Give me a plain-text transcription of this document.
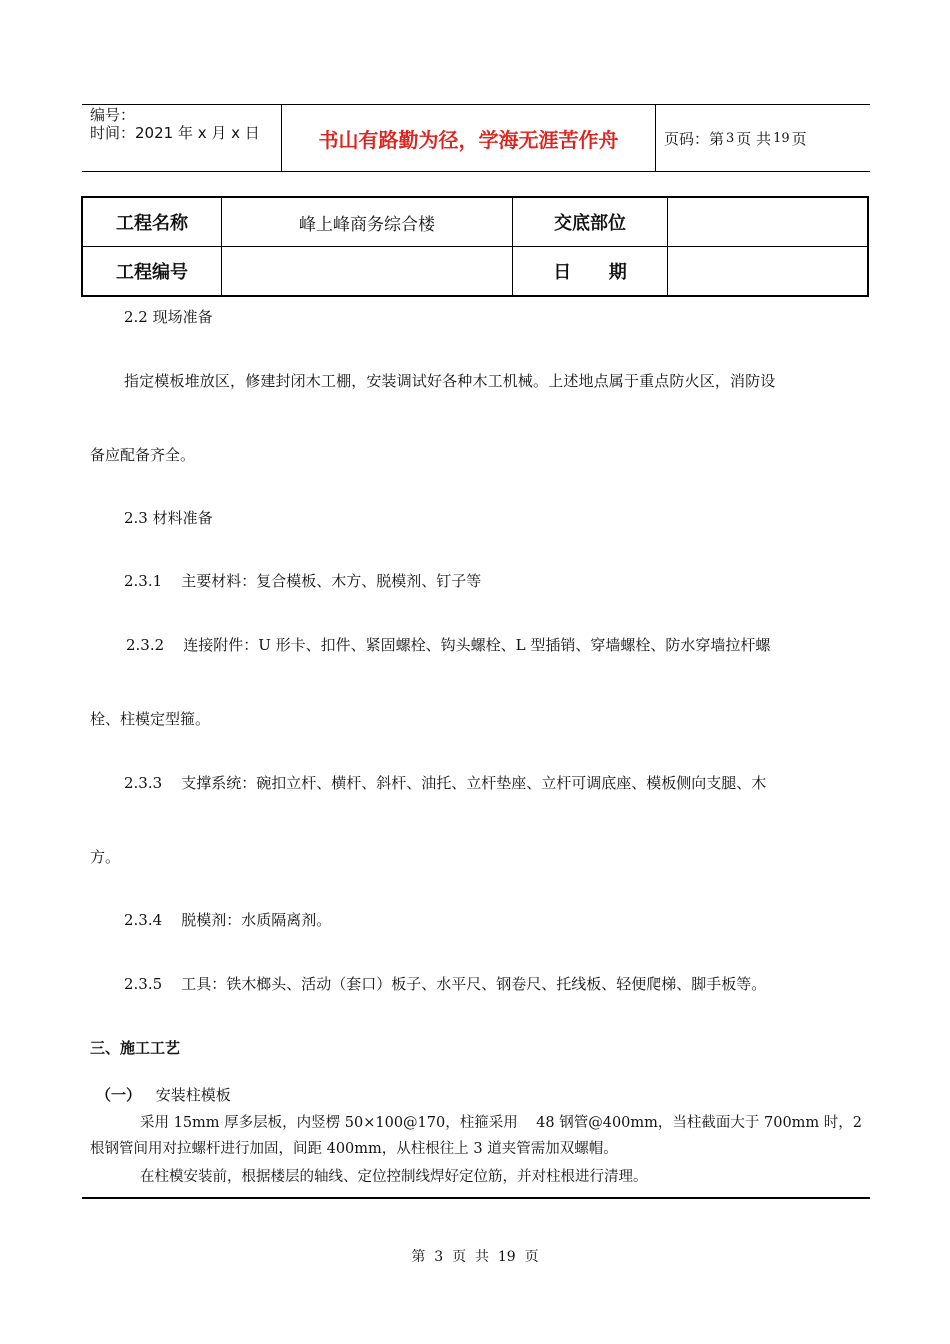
编号：
时间：2021 年 x 月 x 日	书山有路勤为径，学海无涯苦作舟	页码：第 3 页 共 19 页
工程名称	峰上峰商务综合楼	交底部位	
工程编号		日      期	
2.2 现场准备
指定模板堆放区，修建封闭木工棚，安装调试好各种木工机械。上述地点属于重点防火区，消防设
备应配备齐全。
2.3 材料准备
2.3.1    主要材料：复合模板、木方、脱模剂、钉子等
2.3.2    连接附件：U 形卡、扣件、紧固螺栓、钩头螺栓、L 型插销、穿墙螺栓、防水穿墙拉杆螺
栓、柱模定型箍。
2.3.3    支撑系统：碗扣立杆、横杆、斜杆、油托、立杆垫座、立杆可调底座、模板侧向支腿、木
方。
2.3.4    脱模剂：水质隔离剂。
2.3.5    工具：铁木榔头、活动（套口）板子、水平尺、钢卷尺、托线板、轻便爬梯、脚手板等。
三、施工工艺
（一） 安装柱模板
采用 15mm 厚多层板，内竖楞 50×100@170，柱箍采用    48 钢管@400mm，当柱截面大于 700mm 时，2
根钢管间用对拉螺杆进行加固，间距 400mm，从柱根往上 3 道夹管需加双螺帽。
在柱模安装前，根据楼层的轴线、定位控制线焊好定位筋，并对柱根进行清理。
第  3  页  共  19  页
